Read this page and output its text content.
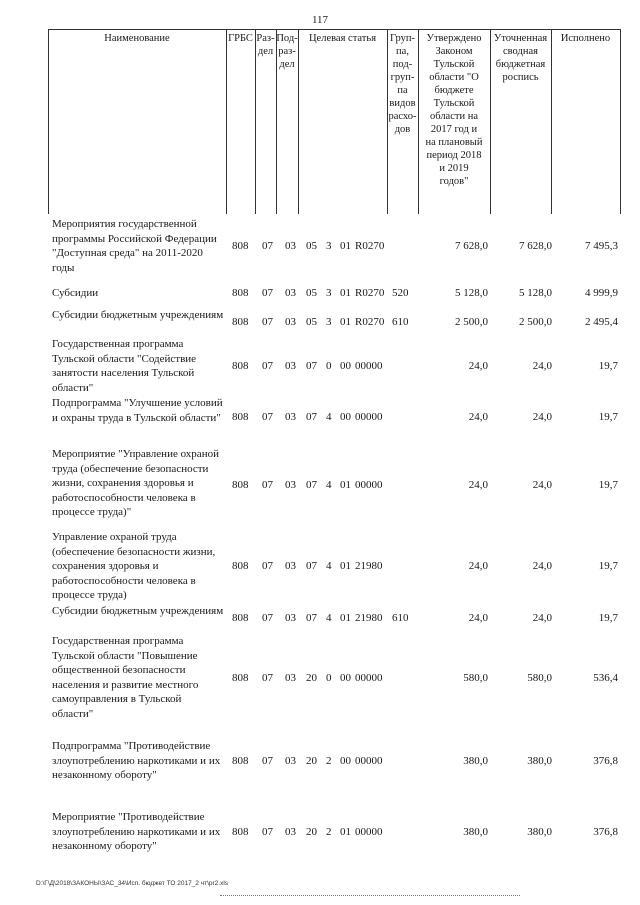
117
Наименование	ГРБС Раз-
дел
Под-
раз-
дел
Целевая статья	Груп-
па,
под-
груп-
па
видов
расхо-
дов
Утверждено
Законом
Тульской
области "О
бюджете
Тульской
области на
2017 год и
на плановый
период 2018
и 2019
годов"
Уточненная
сводная
бюджетная
роспись
Исполнено
Мероприятия государственной программы Российской Федерации "Доступная среда" на 2011-2020 годы
808 07 03 05 3 01 R0270	7 628,0	7 628,0	7 495,3
Субсидии	808 07 03 05 3 01 R0270 520	5 128,0	5 128,0	4 999,9
Субсидии бюджетным учреждениям
808 07 03 05 3 01 R0270 610	2 500,0	2 500,0	2 495,4
Государственная программа Тульской области "Содействие занятости населения Тульской области"
808 07 03 07 0 00 00000	24,0	24,0	19,7
Подпрограмма "Улучшение условий и охраны труда в Тульской области" 808 07 03 07 4 00 00000	24,0	24,0	19,7
Мероприятие "Управление охраной труда (обеспечение безопасности жизни, сохранения здоровья и работоспособности человека в процессе труда)"
808 07 03 07 4 01 00000	24,0	24,0	19,7
Управление охраной труда (обеспечение безопасности жизни, сохранения здоровья и работоспособности человека в процессе труда)
808 07 03 07 4 01 21980	24,0	24,0	19,7
Субсидии бюджетным учреждениям
808 07 03 07 4 01 21980 610	24,0	24,0	19,7
Государственная программа Тульской области "Повышение общественной безопасности населения и развитие местного самоуправления в Тульской области"
808 07 03 20 0 00 00000	580,0	580,0	536,4
Подпрограмма "Противодействие злоупотреблению наркотиками и их незаконному обороту"
808 07 03 20 2 00 00000	380,0	380,0	376,8
Мероприятие "Противодействие злоупотреблению наркотиками и их незаконному обороту"
808 07 03 20 2 01 00000	380,0	380,0	376,8
D:\Г\Д\2018\ЗАКОНЫ\ЗАС_34\Исп. бюджет ТО 2017_2 чт\pr2.xls
